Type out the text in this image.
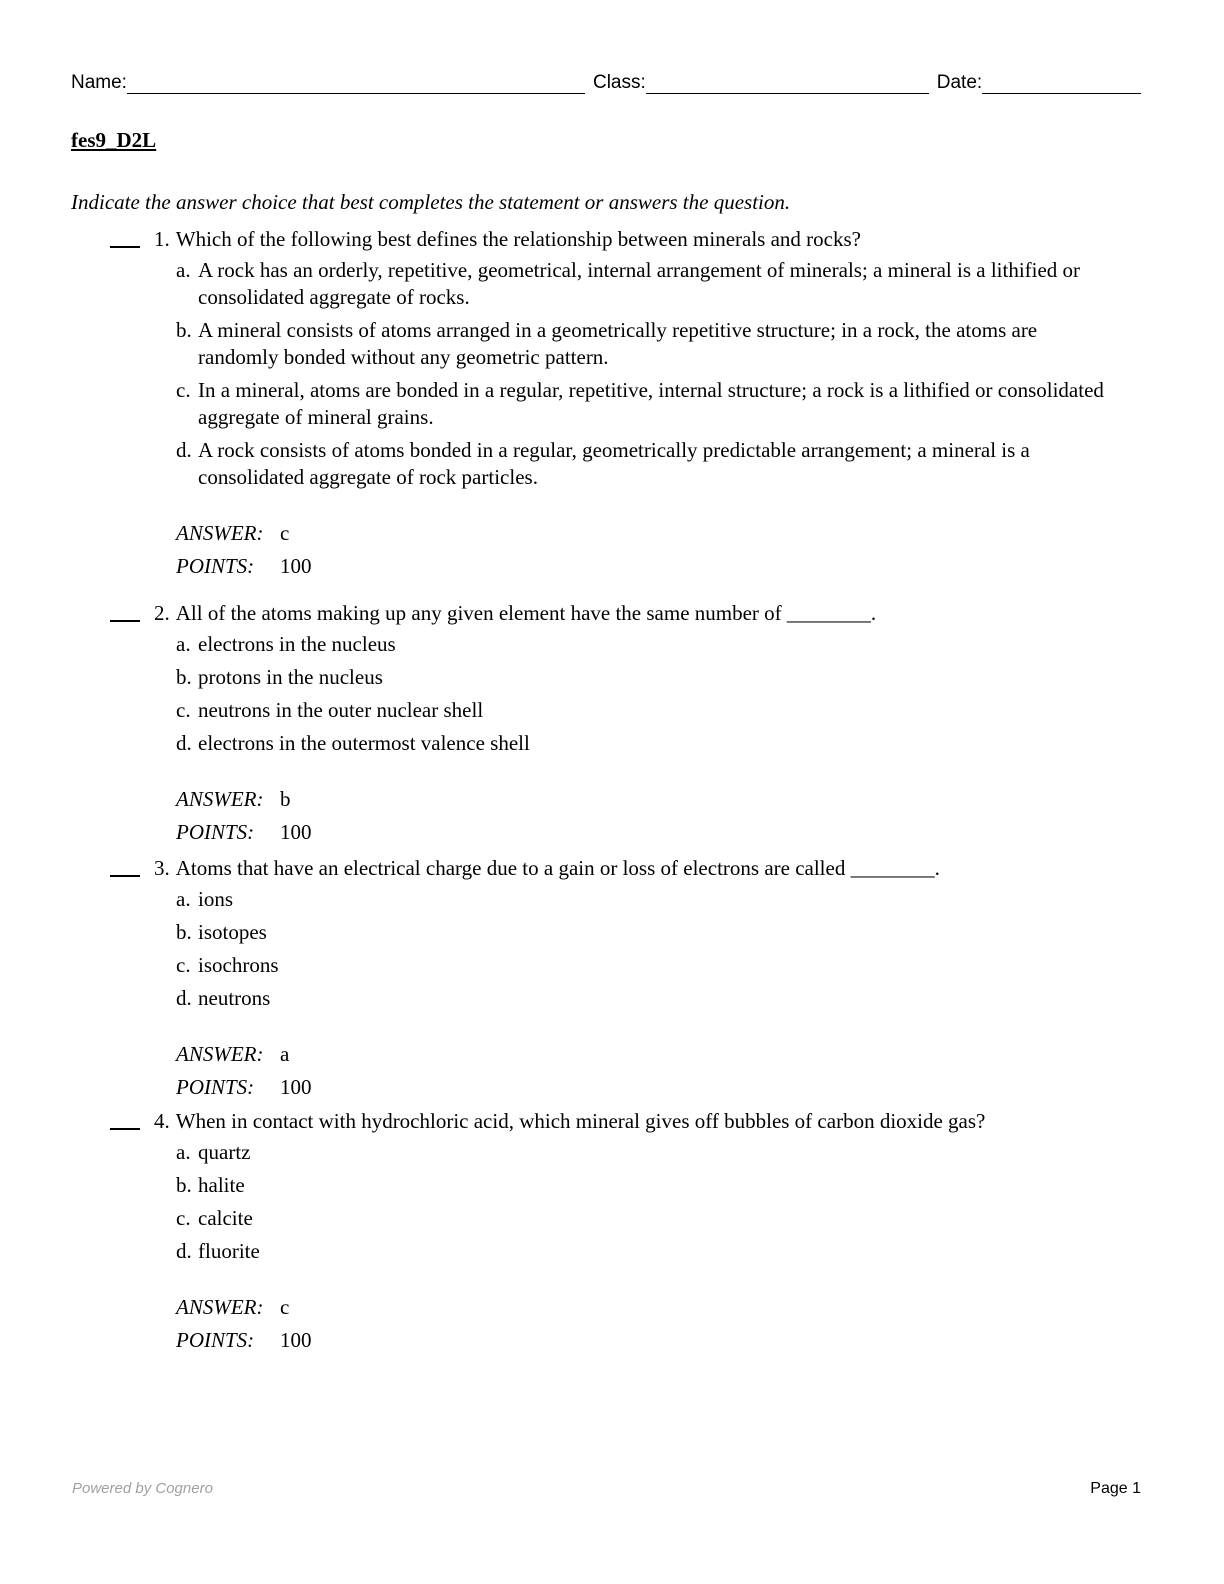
Name:	Class:	Date:
fes9_D2L
Indicate the answer choice that best completes the statement or answers the question.
1. Which of the following best defines the relationship between minerals and rocks?
a. A rock has an orderly, repetitive, geometrical, internal arrangement of minerals; a mineral is a lithified or consolidated aggregate of rocks.
b. A mineral consists of atoms arranged in a geometrically repetitive structure; in a rock, the atoms are randomly bonded without any geometric pattern.
c. In a mineral, atoms are bonded in a regular, repetitive, internal structure; a rock is a lithified or consolidated aggregate of mineral grains.
d. A rock consists of atoms bonded in a regular, geometrically predictable arrangement; a mineral is a consolidated aggregate of rock particles.
ANSWER: c
POINTS:	100
2. All of the atoms making up any given element have the same number of ________.
a. electrons in the nucleus
b. protons in the nucleus
c. neutrons in the outer nuclear shell
d. electrons in the outermost valence shell
ANSWER: b
POINTS:	100
3. Atoms that have an electrical charge due to a gain or loss of electrons are called ________.
a. ions
b. isotopes
c. isochrons
d. neutrons
ANSWER: a
POINTS:	100
4. When in contact with hydrochloric acid, which mineral gives off bubbles of carbon dioxide gas?
a. quartz
b. halite
c. calcite
d. fluorite
ANSWER: c
POINTS:	100
Powered by Cognero	Page 1
